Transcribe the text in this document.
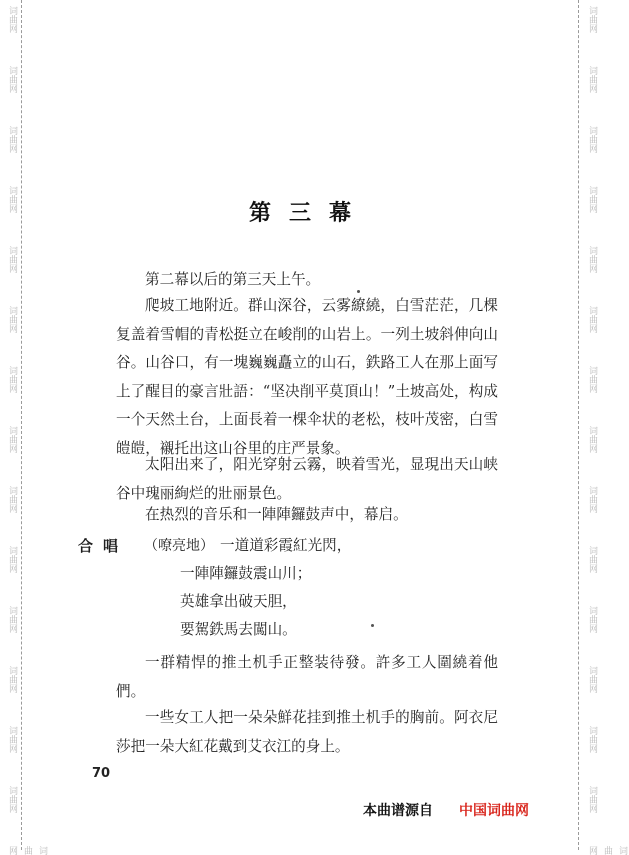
词曲网
词曲网
词曲网
词曲网
词曲网
词曲网
词曲网
词曲网
词曲网
词曲网
词曲网
词曲网
词曲网
词曲网
词曲网
词曲网
词曲网
词曲网
词曲网
词曲网
词曲网
词曲网
词曲网
词曲网
词曲网
词曲网
词曲网
词曲网
词曲网
词曲网
第三幕

第二幕以后的第三天上午。

爬坡工地附近。群山深谷，云雾繚繞，白雪茫茫，几棵复盖着雪帽的青松挺立在峻削的山岩上。一列土坡斜伸向山谷。山谷口，有一塊巍巍矗立的山石，鉄路工人在那上面写上了醒目的豪言壯語：“坚决削平莫頂山！”土坡高处，构成一个天然土台，上面長着一棵伞状的老松，枝叶茂密，白雪皚皚，襯托出这山谷里的庄严景象。

太阳出来了，阳光穿射云霧，映着雪光，显現出天山峡谷中瑰丽絢烂的壯丽景色。

在热烈的音乐和一陣陣鑼鼓声中，幕启。

合唱 （嘹亮地） 一道道彩霞紅光閃，
一陣陣鑼鼓震山川；
英雄拿出破天胆，
要駕鉄馬去闖山。

一群精悍的推土机手正整装待發。許多工人圍繞着他們。

一些女工人把一朵朵鮮花挂到推土机手的胸前。阿衣尼莎把一朵大紅花戴到艾衣江的身上。

70
本曲谱源自 中国词曲网
